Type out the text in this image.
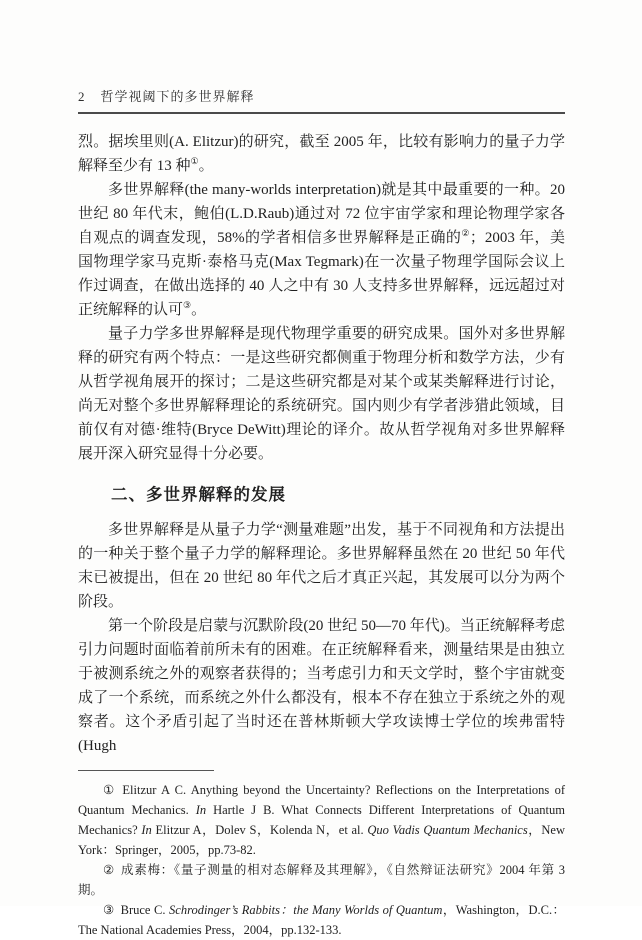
2 哲学视阈下的多世界解释

烈。据埃里则(A. Elitzur)的研究，截至 2005 年，比较有影响力的量子力学解释至少有 13 种①。

多世界解释(the many-worlds interpretation)就是其中最重要的一种。20 世纪 80 年代末，鲍伯(L.D.Raub)通过对 72 位宇宙学家和理论物理学家各自观点的调查发现，58%的学者相信多世界解释是正确的②；2003 年，美国物理学家马克斯·泰格马克(Max Tegmark)在一次量子物理学国际会议上作过调查，在做出选择的 40 人之中有 30 人支持多世界解释，远远超过对正统解释的认可③。

量子力学多世界解释是现代物理学重要的研究成果。国外对多世界解释的研究有两个特点：一是这些研究都侧重于物理分析和数学方法，少有从哲学视角展开的探讨；二是这些研究都是对某个或某类解释进行讨论，尚无对整个多世界解释理论的系统研究。国内则少有学者涉猎此领域，目前仅有对德·维特(Bryce DeWitt)理论的译介。故从哲学视角对多世界解释展开深入研究显得十分必要。

二、多世界解释的发展

多世界解释是从量子力学“测量难题”出发，基于不同视角和方法提出的一种关于整个量子力学的解释理论。多世界解释虽然在 20 世纪 50 年代末已被提出，但在 20 世纪 80 年代之后才真正兴起，其发展可以分为两个阶段。

第一个阶段是启蒙与沉默阶段(20 世纪 50—70 年代)。当正统解释考虑引力问题时面临着前所未有的困难。在正统解释看来，测量结果是由独立于被测系统之外的观察者获得的；当考虑引力和天文学时，整个宇宙就变成了一个系统，而系统之外什么都没有，根本不存在独立于系统之外的观察者。这个矛盾引起了当时还在普林斯顿大学攻读博士学位的埃弗雷特(Hugh

① Elitzur A C. Anything beyond the Uncertainty? Reflections on the Interpretations of Quantum Mechanics. In Hartle J B. What Connects Different Interpretations of Quantum Mechanics? In Elitzur A，Dolev S，Kolenda N，et al. Quo Vadis Quantum Mechanics，New York：Springer，2005，pp.73-82.

② 成素梅：《量子测量的相对态解释及其理解》，《自然辩证法研究》2004 年第 3 期。

③ Bruce C. Schrodinger’s Rabbits：the Many Worlds of Quantum，Washington，D.C.：The National Academies Press，2004，pp.132-133.
